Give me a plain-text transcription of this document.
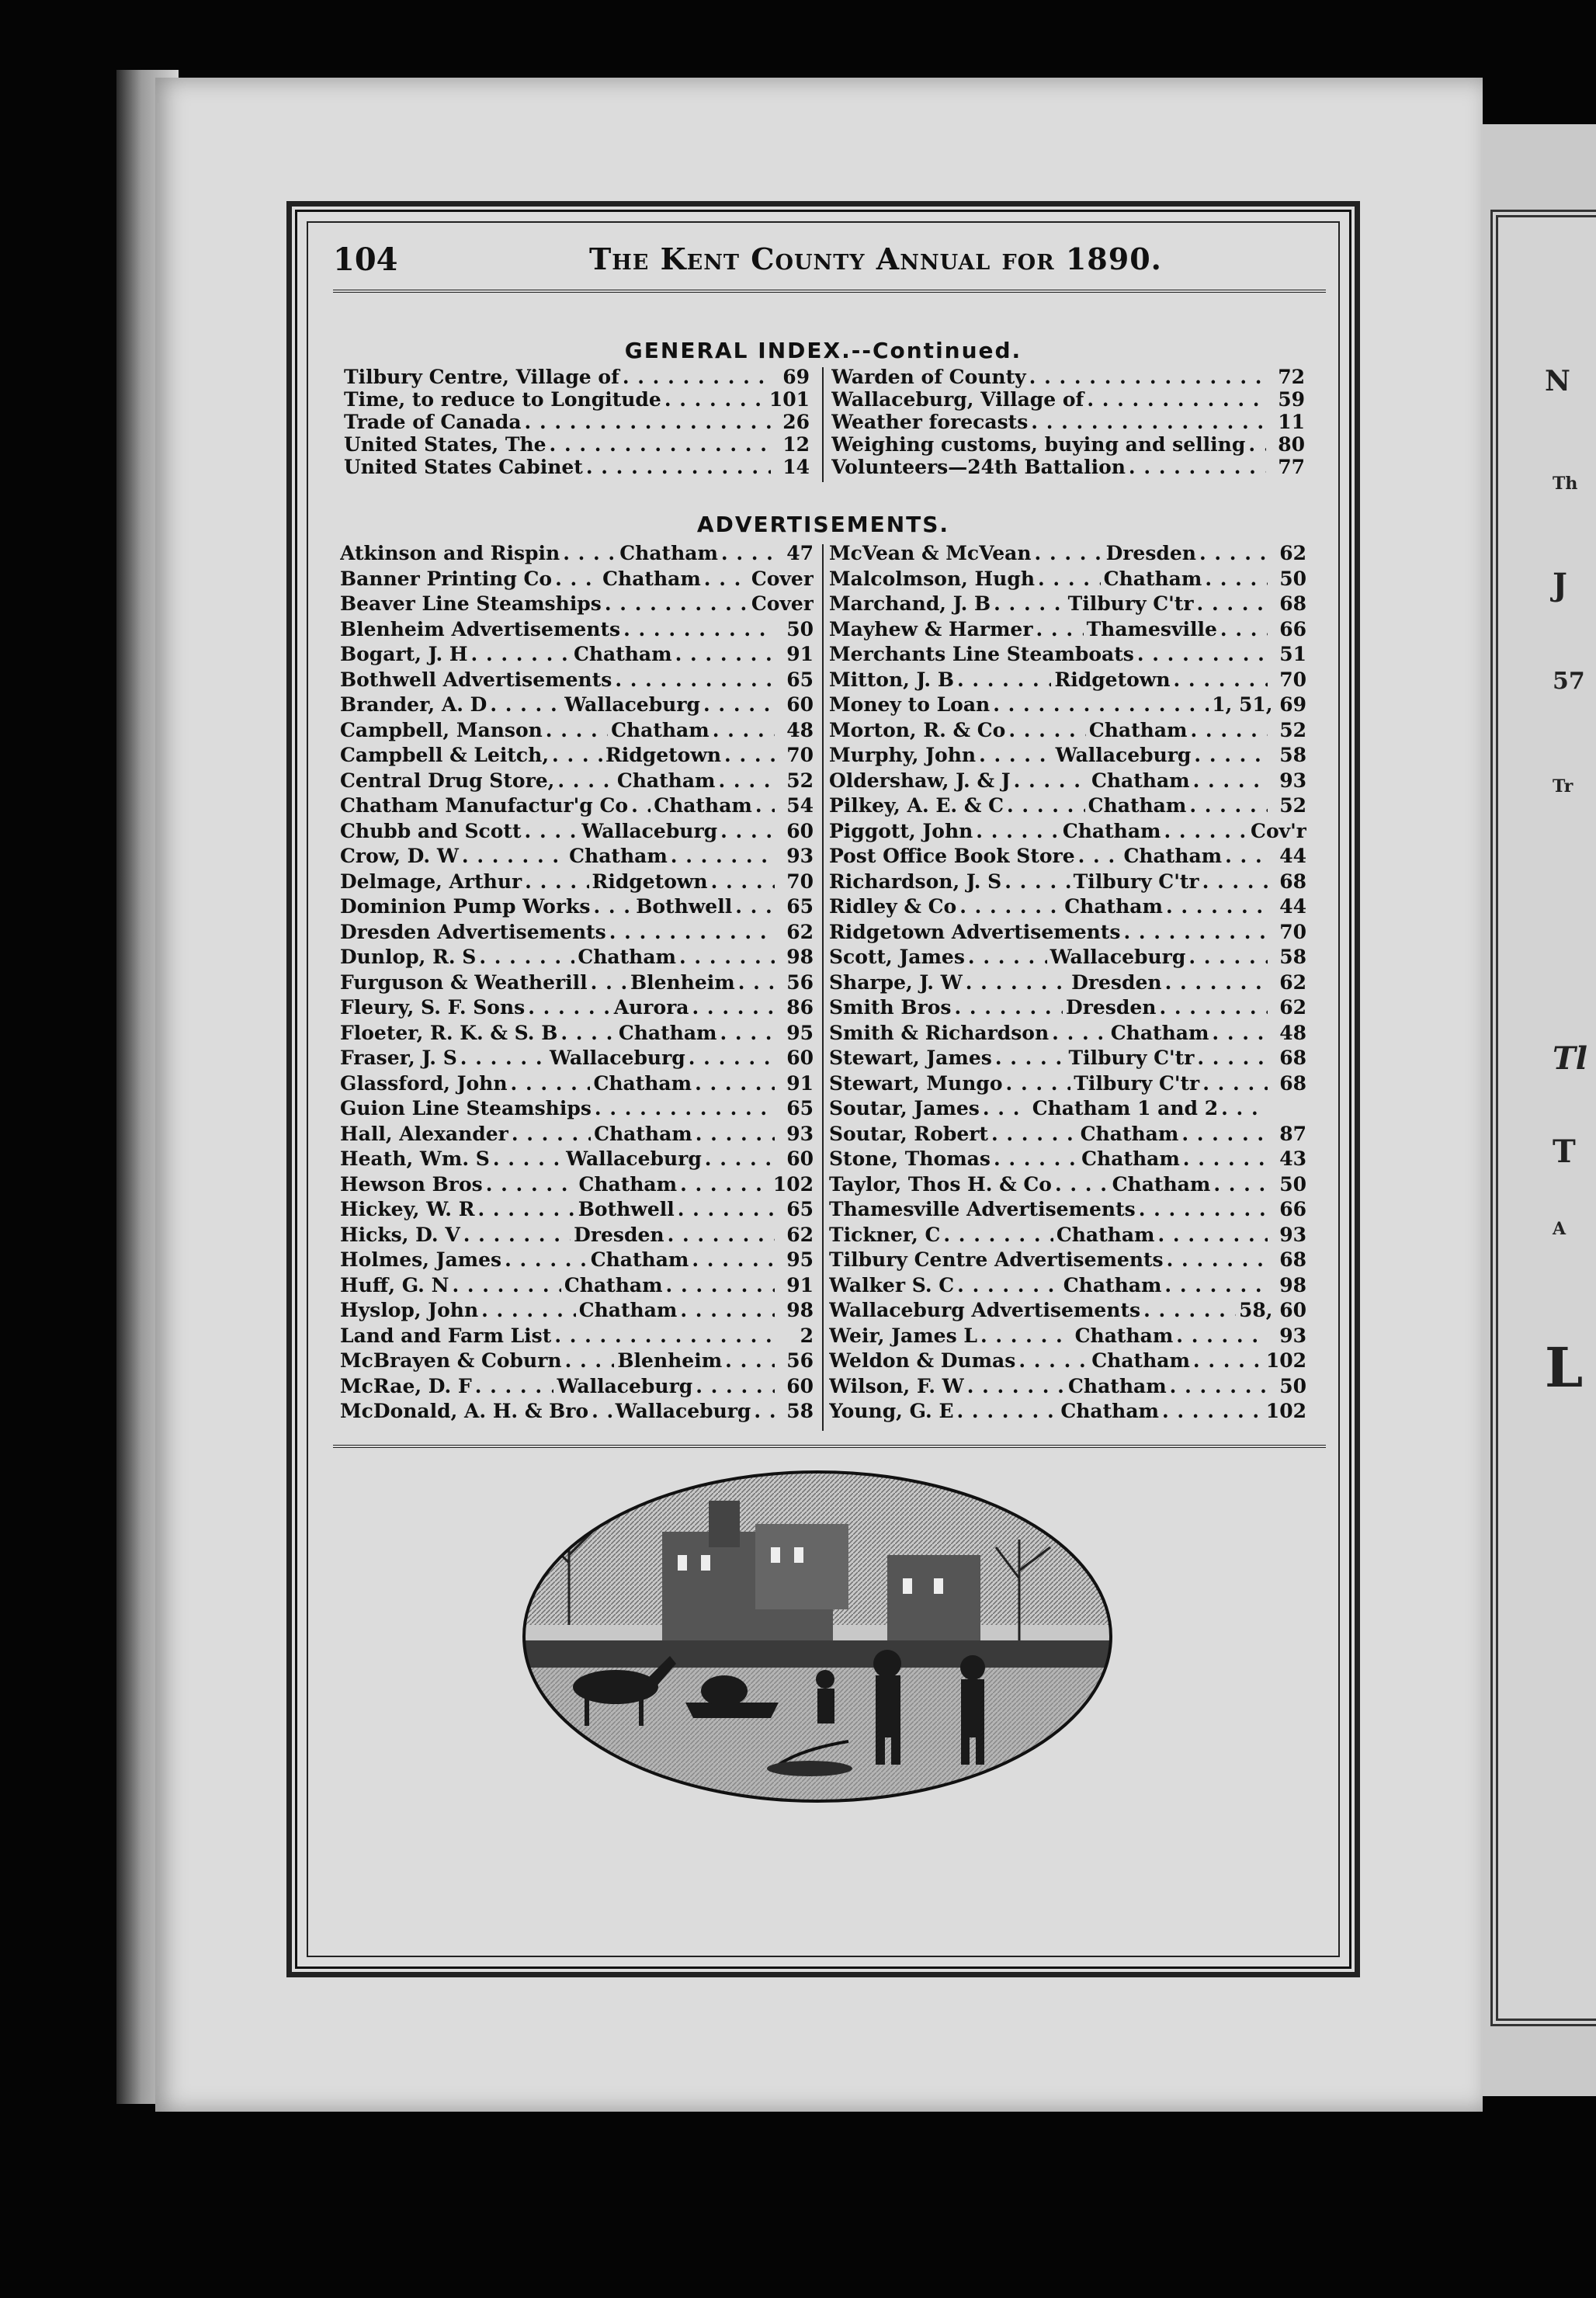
N
Th
J
57
Tr
Tl
T
A
L
104	The Kent County Annual for 1890.
GENERAL INDEX.--Continued.
Tilbury Centre, Village of . . .	69
Time, to reduce to Longitude . . .	101
Trade of Canada . . .	26
United States, The . . .	12
United States Cabinet . . .	14
Warden of County . . .	72
Wallaceburg, Village of . . .	59
Weather forecasts . . .	11
Weighing customs, buying and selling . . .	80
Volunteers—24th Battalion . . .	77
ADVERTISEMENTS.
Atkinson and Rispin . . .	Chatham . . .	47
Banner Printing Co . . .	Chatham . . .	Cover
Beaver Line Steamships . . .	Cover
Blenheim Advertisements . . .	50
Bogart, J. H . . .	Chatham . . .	91
Bothwell Advertisements . . .	65
Brander, A. D . . .	Wallaceburg . . .	60
Campbell, Manson . . .	Chatham . . .	48
Campbell & Leitch, . . .	Ridgetown . . .	70
Central Drug Store, . . .	Chatham . . .	52
Chatham Manufactur'g Co . . . Chatham . . .	54
Chubb and Scott . . .	Wallaceburg . . .	60
Crow, D. W . . .	Chatham . . .	93
Delmage, Arthur . . .	Ridgetown . . .	70
Dominion Pump Works . . . Bothwell . . .	65
Dresden Advertisements . . .	62
Dunlop, R. S . . .	Chatham . . .	98
Furguson & Weatherill . . . Blenheim . . .	56
Fleury, S. F. Sons . . .	Aurora . . .	86
Floeter, R. K. & S. B . . .	Chatham . . .	95
Fraser, J. S . . .	Wallaceburg . . .	60
Glassford, John . . .	Chatham . . .	91
Guion Line Steamships . . .	65
Hall, Alexander . . .	Chatham . . .	93
Heath, Wm. S . . .	Wallaceburg . . .	60
Hewson Bros . . .	Chatham . . .	102
Hickey, W. R . . .	Bothwell . . .	65
Hicks, D. V . . .	Dresden . . .	62
Holmes, James . . .	Chatham . . .	95
Huff, G. N . . .	Chatham . . .	91
Hyslop, John . . .	Chatham . . .	98
Land and Farm List . . .	2
McBrayen & Coburn . . .	Blenheim . . .	56
McRae, D. F . . .	Wallaceburg . . .	60
McDonald, A. H. & Bro . . . Wallaceburg . . .	58
McVean & McVean . . .	Dresden . . .	62
Malcolmson, Hugh . . .	Chatham . . .	50
Marchand, J. B . . .	Tilbury C'tr . . .	68
Mayhew & Harmer . . .	Thamesville . . .	66
Merchants Line Steamboats . . .	51
Mitton, J. B . . .	Ridgetown . . .	70
Money to Loan . . .	1, 51, 69
Morton, R. & Co . . .	Chatham . . .	52
Murphy, John . . .	Wallaceburg . . .	58
Oldershaw, J. & J . . .	Chatham . . .	93
Pilkey, A. E. & C . . .	Chatham . . .	52
Piggott, John . . .	Chatham . . .	Cov'r
Post Office Book Store . . .	Chatham . . .	44
Richardson, J. S . . .	Tilbury C'tr . . .	68
Ridley & Co . . .	Chatham . . .	44
Ridgetown Advertisements . . .	70
Scott, James . . .	Wallaceburg . . .	58
Sharpe, J. W . . .	Dresden . . .	62
Smith Bros . . .	Dresden . . .	62
Smith & Richardson . . .	Chatham . . .	48
Stewart, James . . .	Tilbury C'tr . . .	68
Stewart, Mungo . . .	Tilbury C'tr . . .	68
Soutar, James . . .	Chatham 1 and 2
. . .
Soutar, Robert . . .	Chatham . . .	87
Stone, Thomas . . .	Chatham . . .	43
Taylor, Thos H. & Co . . .	Chatham . . .	50
Thamesville Advertisements . . .	66
Tickner, C . . .	Chatham . . .	93
Tilbury Centre Advertisements . . .	68
Walker S. C . . .	Chatham . . .	98
Wallaceburg Advertisements . . .	58, 60
Weir, James L . . .	Chatham . . .	93
Weldon & Dumas . . .	Chatham . . .	102
Wilson, F. W . . .	Chatham . . .	50
Young, G. E . . .	Chatham . . .	102
